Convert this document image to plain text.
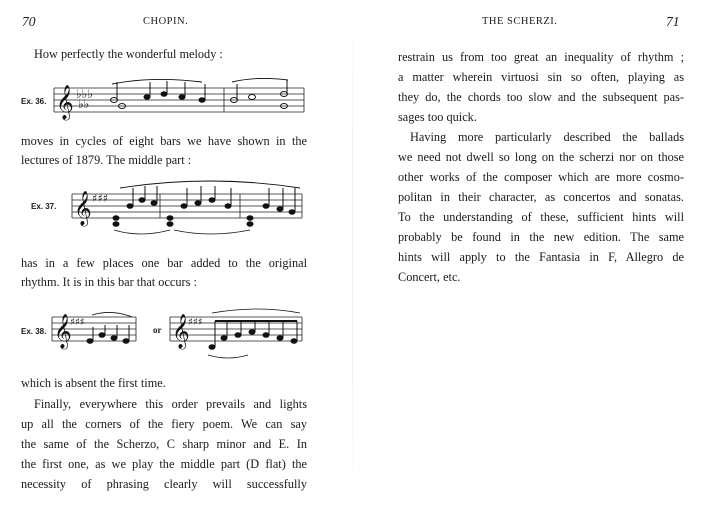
70	CHOPIN.
How perfectly the wonderful melody :
Ex. 36. 𝄞 ♭♭♭
♭♭
moves in cycles of eight bars we have shown in the
lectures of 1879. The middle part :
Ex. 37. 𝄞 ♯♯♯
has in a few places one bar added to the original
rhythm. It is in this bar that occurs :
Ex. 38. 𝄞
♯♯♯
or 𝄞
♯♯♯
which is absent the first time.
Finally, everywhere this order prevails and lights
up all the corners of the fiery poem. We can say
the same of the Scherzo, C sharp minor and E. In
the first one, as we play the middle part (D flat) the
necessity of phrasing clearly will successfully
THE SCHERZI.	71
restrain us from too great an inequality of rhythm ;
a matter wherein virtuosi sin so often, playing as
they do, the chords too slow and the subsequent pas-
sages too quick.
Having more particularly described the ballads
we need not dwell so long on the scherzi nor on those
other works of the composer which are more cosmo-
politan in their character, as concertos and sonatas.
To the understanding of these, sufficient hints will
probably be found in the new edition. The same
hints will apply to the Fantasia in F, Allegro de
Concert, etc.
